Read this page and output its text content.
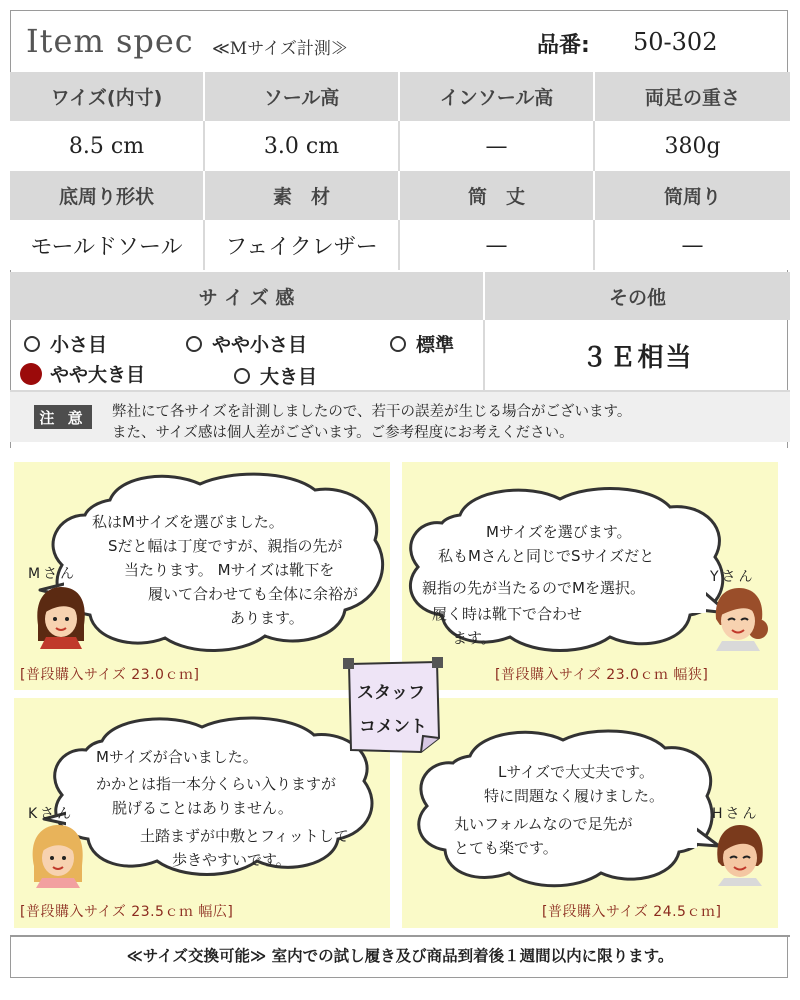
Item spec ≪Mサイズ計測≫	品番: 50-302
ワイズ(内寸)	ソール高	インソール高	両足の重さ
8.5 cm	3.0 cm	—	380g
底周り形状	素　材	筒　丈	筒周り
モールドソール	フェイクレザー	—	—
サ イ ズ 感	その他
小さ目	やや小さ目	標準
やや大き目	大き目
３Ｅ相当
注 意	弊社にて各サイズを計測しましたので、若干の誤差が生じる場合がございます。
また、サイズ感は個人差がございます。ご参考程度にお考えください。
私はMサイズを選びました。
Sだと幅は丁度ですが、親指の先が
当たります。 Mサイズは靴下を
履いて合わせても全体に余裕が
あります。
Mさん
[普段購入サイズ 23.0ｃｍ]
Mサイズを選びます。
私もMさんと同じでSサイズだと
親指の先が当たるのでMを選択。
履く時は靴下で合わせ
ます。
Yさん
[普段購入サイズ 23.0ｃｍ 幅狭]
Mサイズが合いました。
かかとは指一本分くらい入りますが
脱げることはありません。
土踏まずが中敷とフィットして
歩きやすいです。
Kさん
[普段購入サイズ 23.5ｃｍ 幅広]
Lサイズで大丈夫です。
特に問題なく履けました。
丸いフォルムなので足先が
とても楽です。
Hさん
[普段購入サイズ 24.5ｃｍ]
スタッフ
コメント
≪サイズ交換可能≫ 室内での試し履き及び商品到着後１週間以内に限ります。
